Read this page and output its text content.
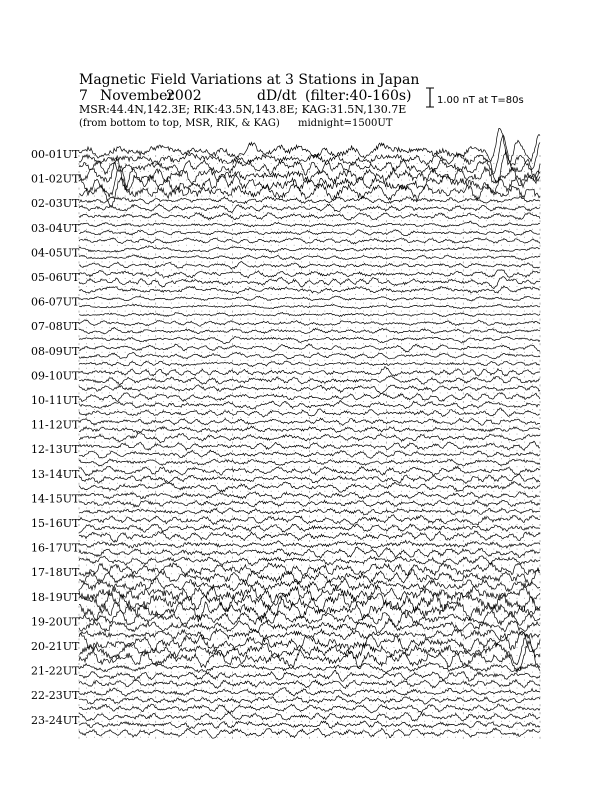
Magnetic Field Variations at 3 Stations in Japan
7 November
2002	dD/dt (filter:40-160s)
MSR:44.4N,142.3E; RIK:43.5N,143.8E; KAG:31.5N,130.7E
(from bottom to top, MSR, RIK, & KAG) midnight=1500UT
1.00 nT at T=80s
00-01UT
01-02UT
02-03UT
03-04UT
04-05UT
05-06UT
06-07UT
07-08UT
08-09UT
09-10UT
10-11UT
11-12UT
12-13UT
13-14UT
14-15UT
15-16UT
16-17UT
17-18UT
18-19UT
19-20UT
20-21UT
21-22UT
22-23UT
23-24UT
